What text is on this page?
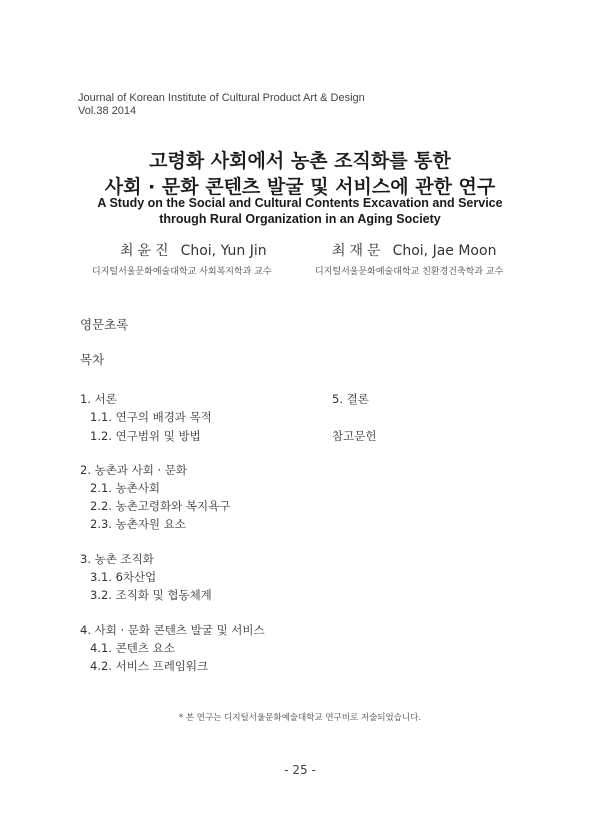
Journal of Korean Institute of Cultural Product Art & Design
Vol.38 2014
고령화 사회에서 농촌 조직화를 통한
사회 · 문화 콘텐츠 발굴 및 서비스에 관한 연구
A Study on the Social and Cultural Contents Excavation and Service
through Rural Organization in an Aging Society
최윤진 Choi, Yun Jin
디지털서울문화예술대학교 사회복지학과 교수
최재문 Choi, Jae Moon
디지털서울문화예술대학교 친환경건축학과 교수
영문초록
목차
1. 서론
1.1. 연구의 배경과 목적
1.2. 연구범위 및 방법
2. 농촌과 사회 · 문화
2.1. 농촌사회
2.2. 농촌고령화와 복지욕구
2.3. 농촌자원 요소
3. 농촌 조직화
3.1. 6차산업
3.2. 조직화 및 협동체계
4. 사회 · 문화 콘텐츠 발굴 및 서비스
4.1. 콘텐츠 요소
4.2. 서비스 프레임워크
5. 결론
참고문헌
* 본 연구는 디지털서울문화예술대학교 연구비로 저술되었습니다.
- 25 -
